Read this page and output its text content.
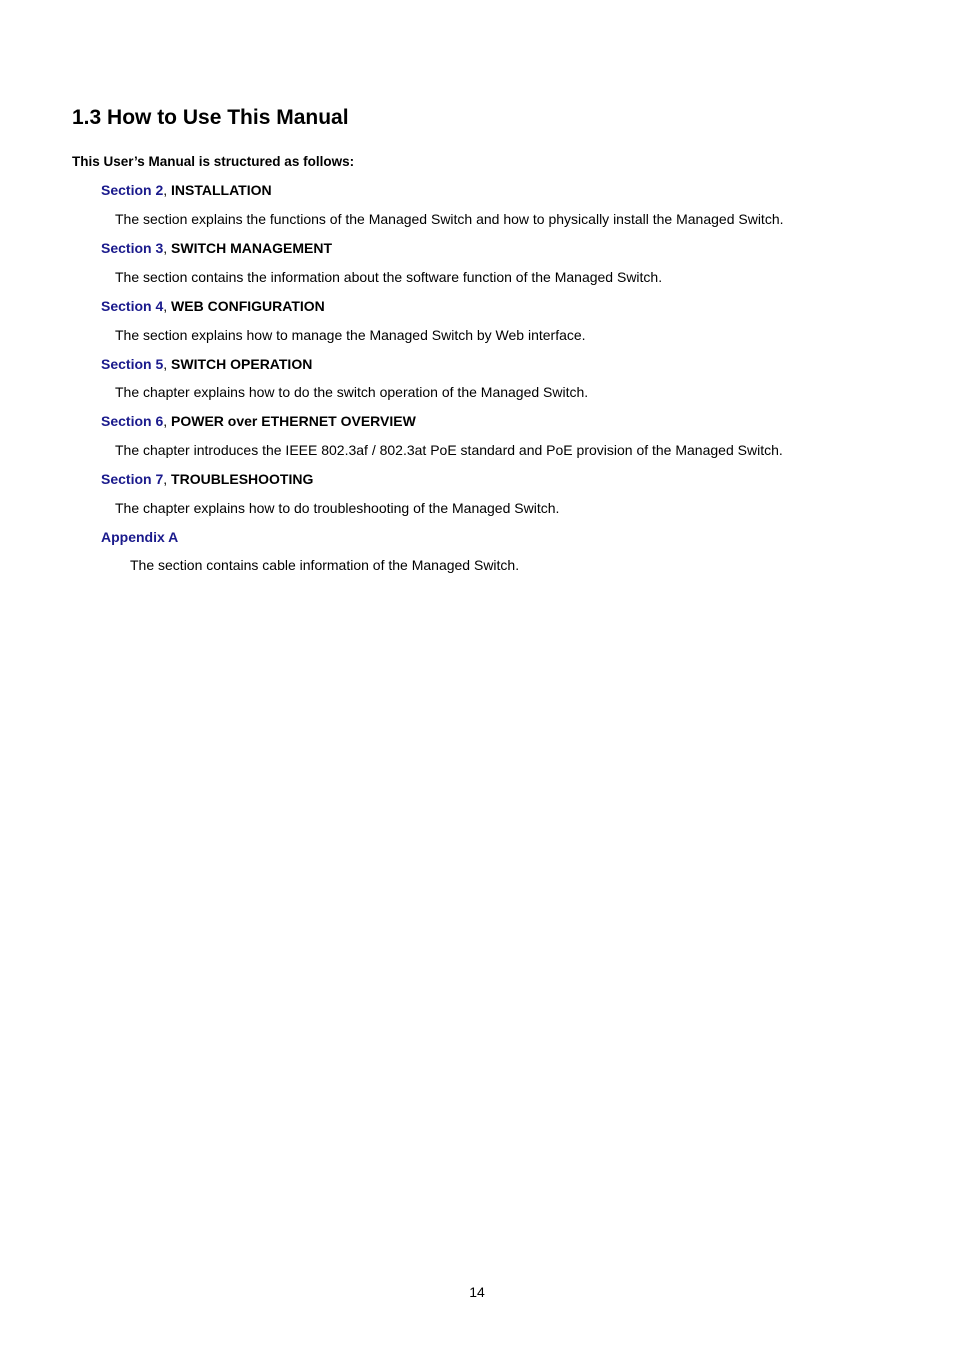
1.3 How to Use This Manual
This User’s Manual is structured as follows:
Section 2, INSTALLATION
The section explains the functions of the Managed Switch and how to physically install the Managed Switch.
Section 3, SWITCH MANAGEMENT
The section contains the information about the software function of the Managed Switch.
Section 4, WEB CONFIGURATION
The section explains how to manage the Managed Switch by Web interface.
Section 5, SWITCH OPERATION
The chapter explains how to do the switch operation of the Managed Switch.
Section 6, POWER over ETHERNET OVERVIEW
The chapter introduces the IEEE 802.3af / 802.3at PoE standard and PoE provision of the Managed Switch.
Section 7, TROUBLESHOOTING
The chapter explains how to do troubleshooting of the Managed Switch.
Appendix A
The section contains cable information of the Managed Switch.
14
